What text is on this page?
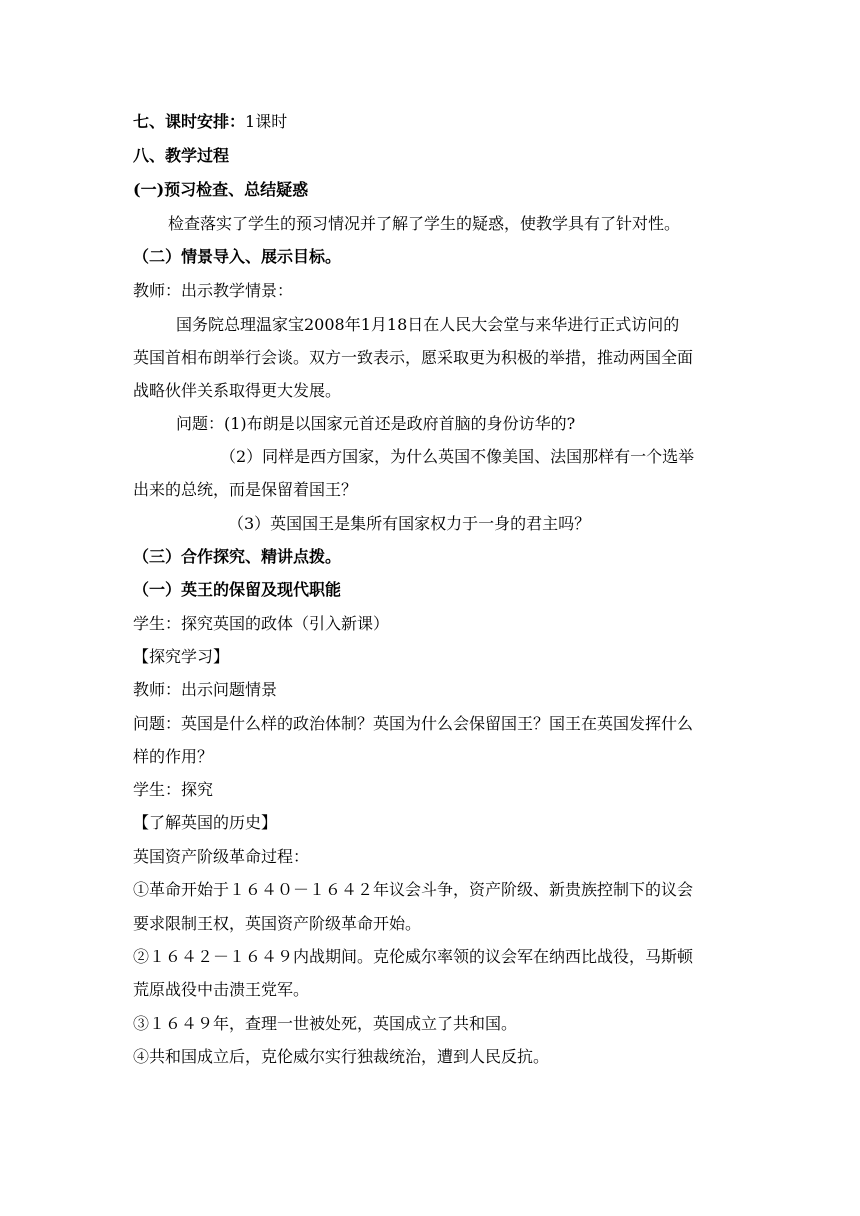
七、课时安排：1课时
八、教学过程
(一)预习检查、总结疑惑
检查落实了学生的预习情况并了解了学生的疑惑，使教学具有了针对性。
（二）情景导入、展示目标。
教师：出示教学情景：
国务院总理温家宝2008年1月18日在人民大会堂与来华进行正式访问的
英国首相布朗举行会谈。双方一致表示，愿采取更为积极的举措，推动两国全面
战略伙伴关系取得更大发展。
问题：(1)布朗是以国家元首还是政府首脑的身份访华的?
（2）同样是西方国家，为什么英国不像美国、法国那样有一个选举
出来的总统，而是保留着国王？
（3）英国国王是集所有国家权力于一身的君主吗？
（三）合作探究、精讲点拨。
（一）英王的保留及现代职能
学生：探究英国的政体（引入新课）
【探究学习】
教师：出示问题情景
问题：英国是什么样的政治体制？英国为什么会保留国王？国王在英国发挥什么
样的作用？
学生：探究
【了解英国的历史】
英国资产阶级革命过程：
①革命开始于１６４０－１６４２年议会斗争，资产阶级、新贵族控制下的议会
要求限制王权，英国资产阶级革命开始。
②１６４２－１６４９内战期间。克伦威尔率领的议会军在纳西比战役，马斯顿
荒原战役中击溃王党军。
③１６４９年，查理一世被处死，英国成立了共和国。
④共和国成立后，克伦威尔实行独裁统治，遭到人民反抗。
